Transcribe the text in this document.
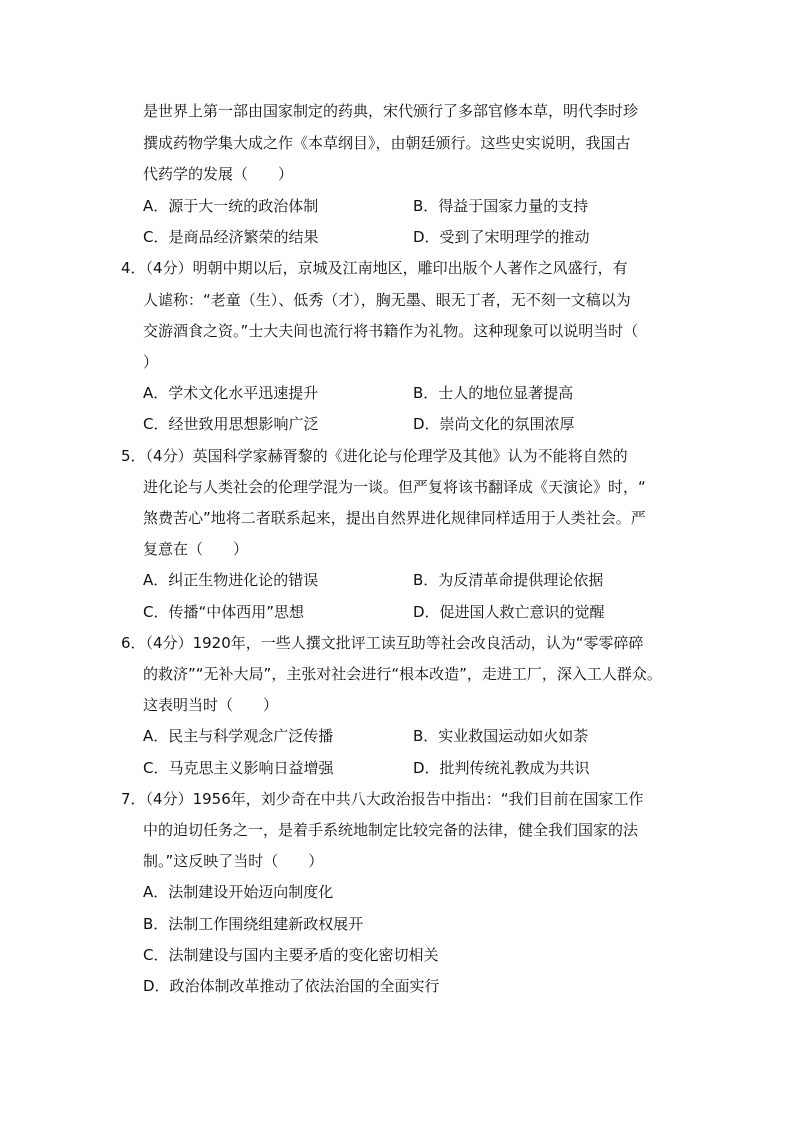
是世界上第一部由国家制定的药典，宋代颁行了多部官修本草，明代李时珍
撰成药物学集大成之作《本草纲目》，由朝廷颁行。这些史实说明，我国古
代药学的发展（　　）
A．源于大一统的政治体制	B．得益于国家力量的支持
C．是商品经济繁荣的结果	D．受到了宋明理学的推动
4．（4分）明朝中期以后，京城及江南地区，雕印出版个人著作之风盛行，有
人谑称：“老童（生）、低秀（才），胸无墨、眼无丁者，无不刻一文稿以为
交游酒食之资。”士大夫间也流行将书籍作为礼物。这种现象可以说明当时（
）
A．学术文化水平迅速提升	B．士人的地位显著提高
C．经世致用思想影响广泛	D．崇尚文化的氛围浓厚
5．（4分）英国科学家赫胥黎的《进化论与伦理学及其他》认为不能将自然的
进化论与人类社会的伦理学混为一谈。但严复将该书翻译成《天演论》时，“
煞费苦心”地将二者联系起来，提出自然界进化规律同样适用于人类社会。严
复意在（　　）
A．纠正生物进化论的错误	B．为反清革命提供理论依据
C．传播“中体西用”思想	D．促进国人救亡意识的觉醒
6．（4分）1920年，一些人撰文批评工读互助等社会改良活动，认为“零零碎碎
的救济”“无补大局”，主张对社会进行“根本改造”，走进工厂，深入工人群众。
这表明当时（　　）
A．民主与科学观念广泛传播	B．实业救国运动如火如荼
C．马克思主义影响日益增强	D．批判传统礼教成为共识
7．（4分）1956年，刘少奇在中共八大政治报告中指出：“我们目前在国家工作
中的迫切任务之一，是着手系统地制定比较完备的法律，健全我们国家的法
制。”这反映了当时（　　）
A．法制建设开始迈向制度化
B．法制工作围绕组建新政权展开
C．法制建设与国内主要矛盾的变化密切相关
D．政治体制改革推动了依法治国的全面实行
